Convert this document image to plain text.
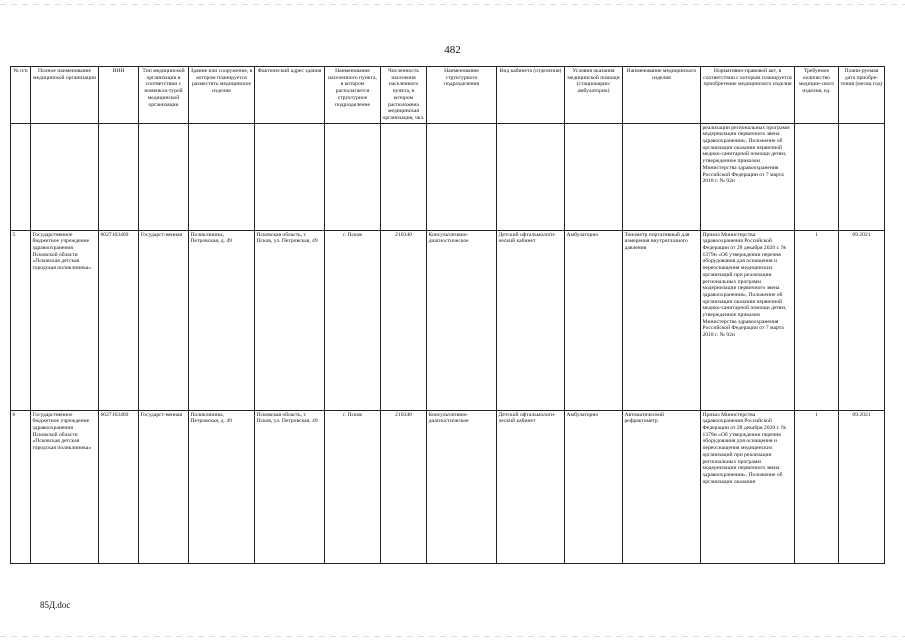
482
№ п/п	Полное наименование медицинской организации	ИНН	Тип медицинской организации в соответствии с номенкла-турой медицинской организации	Здание или сооружение, в котором планируется разместить медицинское изделие	Фактический адрес здания	Наименование населенного пункта, в котором располагается структурное подразделение	Численность населения населенного пункта, в котором расположена медицинская организация, чел.	Наименование структурного подразделения	Вид кабинета (отделения)	Условия оказания медицинской помощи (стационарно/ амбулаторно)	Наименование медицинского изделия	Нормативно-правовой акт, в соответствии с которым планируется приобретение медицинского изделия	Требуемое количество медицин-ского изделия, ед.	Плани-руемая дата приобре-тения (месяц год)
												реализации региональных программ модернизации первичного звена здравоохранения», Положение об организации оказания первичной медико-санитарной помощи детям, утвержденное приказом Министерства здравоохранения Российской Федерации от 7 марта 2018 г. № 92н		
5	Государственное бюджетное учреждение здравоохранения Псковской области «Псковская детская городская поликлиника»	6027163469	Государст-венная	Поликлиника, Петровская, д. 49	Псковская область, г. Псков, ул. Петровская, 49	г. Псков	210340	Консультативно-диагностическое	Детский офтальмологи-ческий кабинет	Амбулаторно	Тонометр портативный для измерения внутриглазного давления	Приказ Министерства здравоохранения Российской Федерации от 28 декабря 2020 г. № 1379н «Об утверждении перечня оборудования для оснащения и переоснащения медицинских организаций при реализации региональных программ модернизации первичного звена здравоохранения», Положение об организации оказания первичной медико-санитарной помощи детям, утвержденное приказом Министерства здравоохранения Российской Федерации от 7 марта 2018 г. № 92н	1	09.2021
6	Государственное бюджетное учреждение здравоохранения Псковской области «Псковская детская городская поликлиника»	6027163469	Государст-венная	Поликлиника, Петровская, д. 49	Псковская область, г. Псков, ул. Петровская, 49	г. Псков	210340	Консультативно-диагностическое	Детский офтальмологи-ческий кабинет	Амбулаторно	Автоматический рефрактометр	Приказ Министерства здравоохранения Российской Федерации от 28 декабря 2020 г. № 1379н «Об утверждении перечня оборудования для оснащения и переоснащения медицинских организаций при реализации региональных программ модернизации первичного звена здравоохранения», Положение об организации оказания	1	09.2021
85Д.doc
